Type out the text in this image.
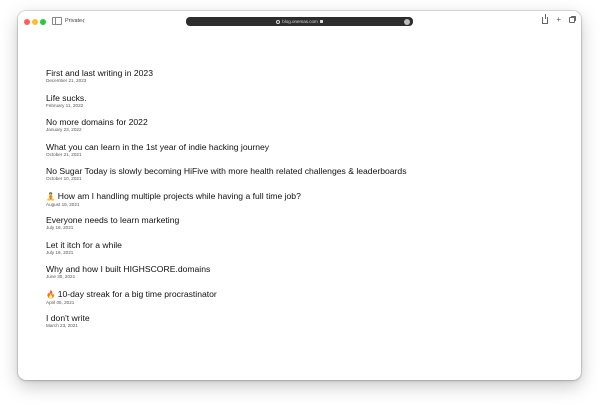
Private ‹	blog.onemas.com	+
First and last writing in 2023
December 21, 2023
Life sucks.
February 11, 2022
No more domains for 2022
January 23, 2022
What you can learn in the 1st year of indie hacking journey
October 21, 2021
No Sugar Today is slowly becoming HiFive with more health related challenges & leaderboards
October 10, 2021
🧘 How am I handling multiple projects while having a full time job?
August 19, 2021
Everyone needs to learn marketing
July 16, 2021
Let it itch for a while
July 16, 2021
Why and how I built HIGHSCORE.domains
June 30, 2021
🔥 10-day streak for a big time procrastinator
April 05, 2021
I don't write
March 23, 2021
